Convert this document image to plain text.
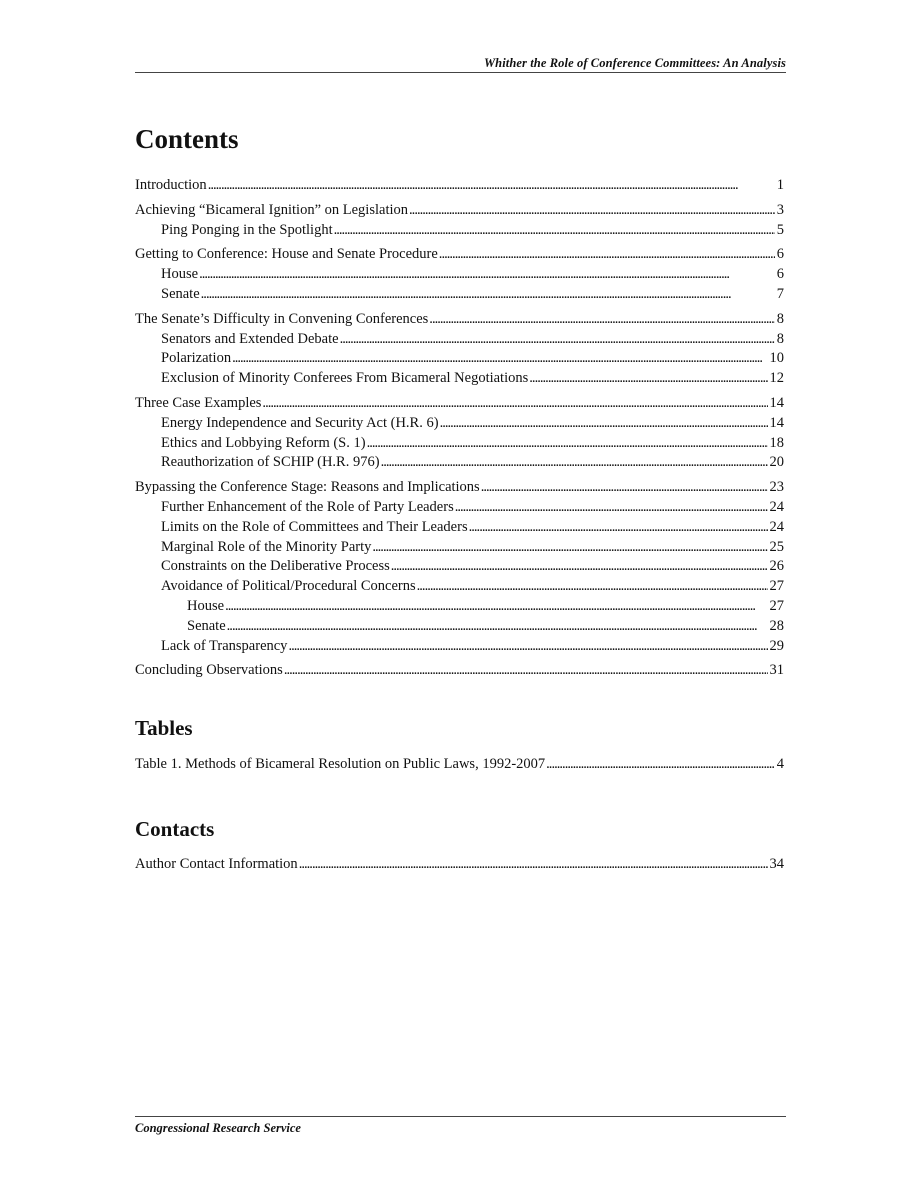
Whither the Role of Conference Committees: An Analysis
Contents
Introduction . . .	1
Achieving “Bicameral Ignition” on Legislation . . .	3
Ping Ponging in the Spotlight . . .	5
Getting to Conference: House and Senate Procedure . . .	6
House . . .	6
Senate . . .	7
The Senate’s Difficulty in Convening Conferences . . .	8
Senators and Extended Debate . . .	8
Polarization . . .	10
Exclusion of Minority Conferees From Bicameral Negotiations . . .	12
Three Case Examples . . .	14
Energy Independence and Security Act (H.R. 6) . . .	14
Ethics and Lobbying Reform (S. 1) . . .	18
Reauthorization of SCHIP (H.R. 976) . . .	20
Bypassing the Conference Stage: Reasons and Implications . . .	23
Further Enhancement of the Role of Party Leaders . . .	24
Limits on the Role of Committees and Their Leaders . . .	24
Marginal Role of the Minority Party . . .	25
Constraints on the Deliberative Process . . .	26
Avoidance of Political/Procedural Concerns . . .	27
House . . .	27
Senate . . .	28
Lack of Transparency . . .	29
Concluding Observations . . .	31
Tables
Table 1. Methods of Bicameral Resolution on Public Laws, 1992-2007 . . .	4
Contacts
Author Contact Information . . .	34
Congressional Research Service
